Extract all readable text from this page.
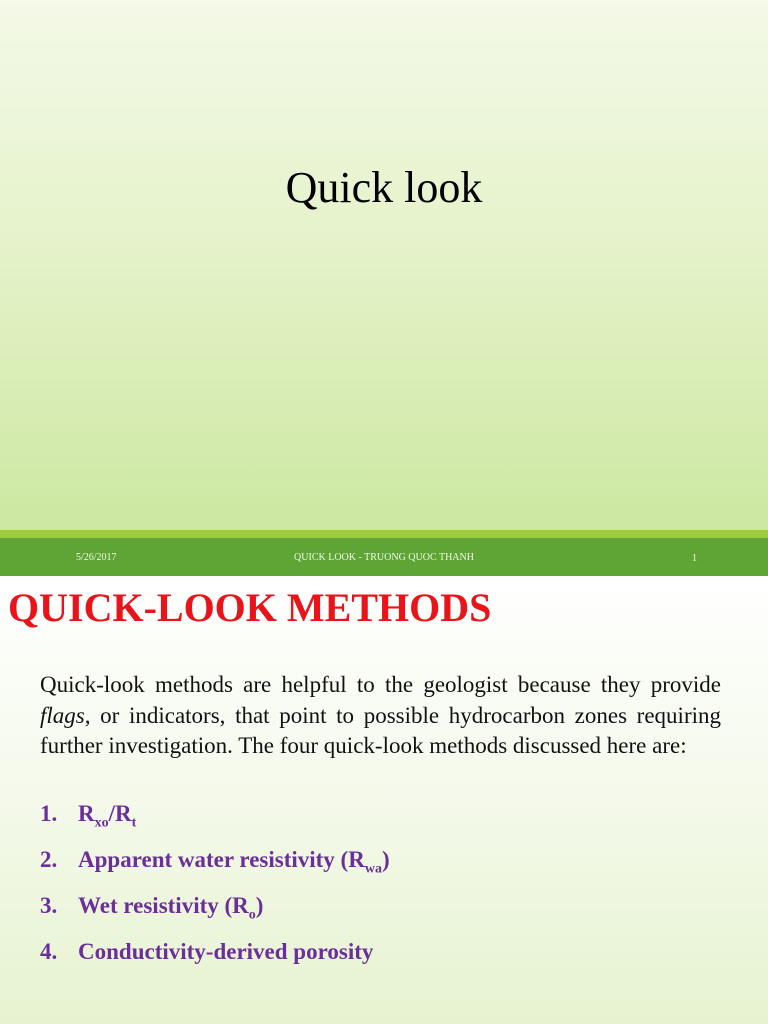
Quick look
5/26/2017	QUICK LOOK - TRUONG QUOC THANH	1
QUICK-LOOK METHODS

Quick-look methods are helpful to the geologist because they provide flags, or indicators, that point to possible hydrocarbon zones requiring further investigation. The four quick-look methods discussed here are:

1. $R_{xo}/R_t$
2. Apparent water resistivity $(R_{wa})$
3. Wet resistivity $(R_o)$
4. Conductivity-derived porosity
